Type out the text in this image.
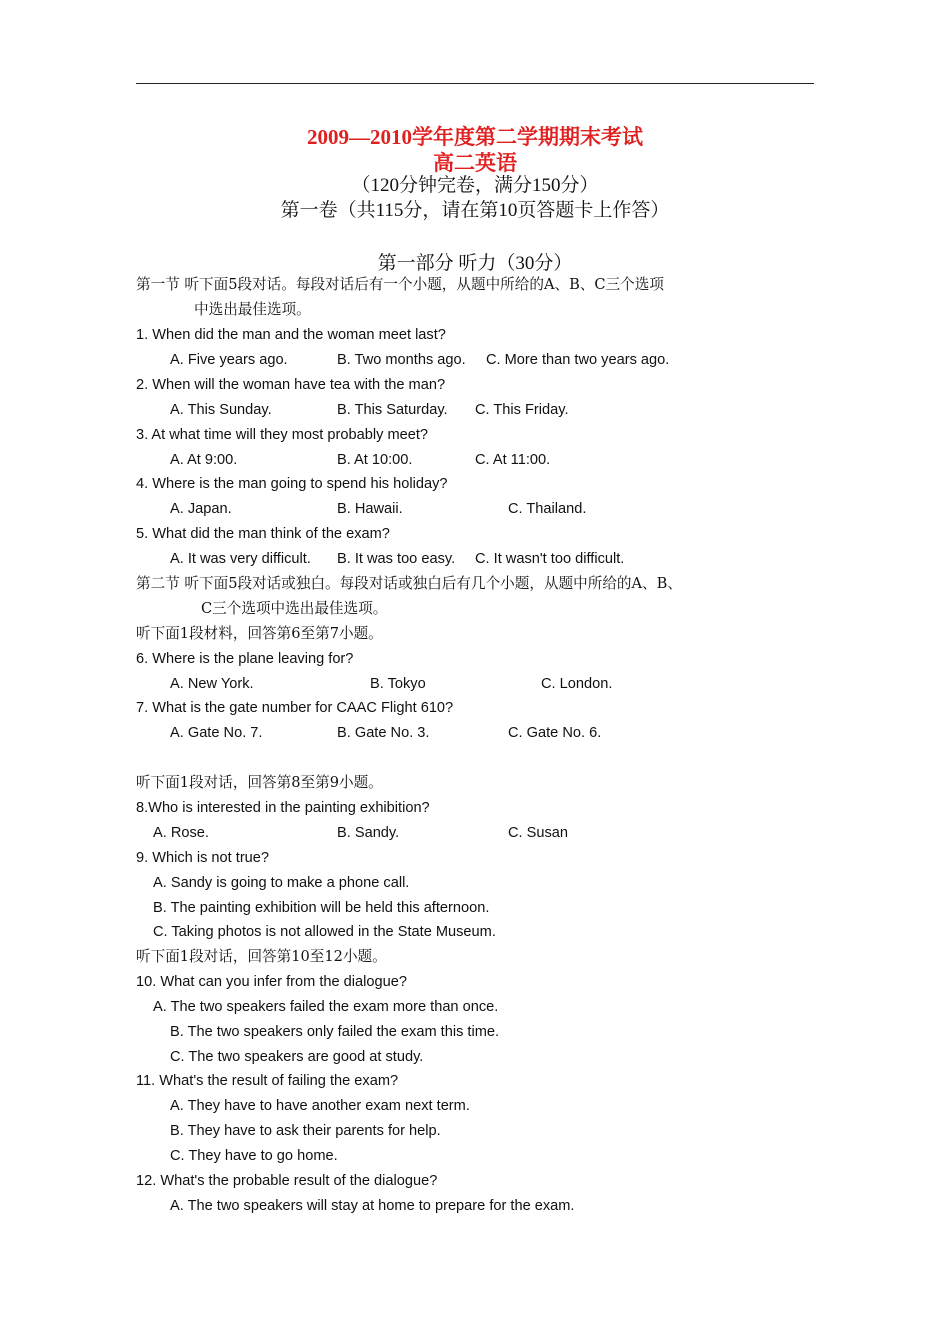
2009—2010学年度第二学期期末考试
高二英语
（120分钟完卷，满分150分）
第一卷（共115分，请在第10页答题卡上作答）
第一部分 听力（30分）
第一节 听下面5段对话。每段对话后有一个小题，从题中所给的A、B、C三个选项
中选出最佳选项。
1. When did the man and the woman meet last?
A. Five years ago.	B. Two months ago. C. More than two years ago.
2. When will the woman have tea with the man?
A. This Sunday.	B. This Saturday. C. This Friday.
3. At what time will they most probably meet?
A. At 9:00.	B. At 10:00.	C. At 11:00.
4. Where is the man going to spend his holiday?
A. Japan.	B. Hawaii.	C. Thailand.
5. What did the man think of the exam?
A. It was very difficult. B. It was too easy. C. It wasn't too difficult.
第二节 听下面5段对话或独白。每段对话或独白后有几个小题，从题中所给的A、B、
C三个选项中选出最佳选项。
听下面1段材料，回答第6至第7小题。
6. Where is the plane leaving for?
A. New York.	B. Tokyo	C. London.
7. What is the gate number for CAAC Flight 610?
A. Gate No. 7.	B. Gate No. 3.	C. Gate No. 6.
听下面1段对话，回答第8至第9小题。
8.Who is interested in the painting exhibition?
A. Rose.	B. Sandy.	C. Susan
9. Which is not true?
A. Sandy is going to make a phone call.
B. The painting exhibition will be held this afternoon.
C. Taking photos is not allowed in the State Museum.
听下面1段对话，回答第10至12小题。
10. What can you infer from the dialogue?
A. The two speakers failed the exam more than once.
B. The two speakers only failed the exam this time.
C. The two speakers are good at study.
11. What's the result of failing the exam?
A. They have to have another exam next term.
B. They have to ask their parents for help.
C. They have to go home.
12. What's the probable result of the dialogue?
A. The two speakers will stay at home to prepare for the exam.
